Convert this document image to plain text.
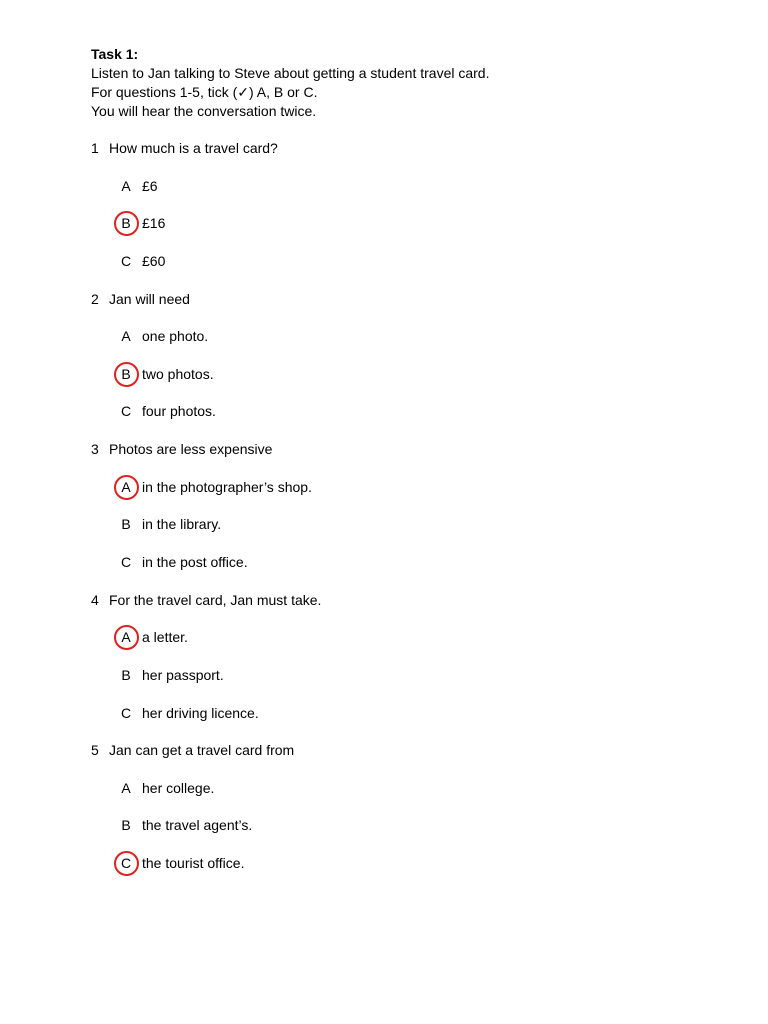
Task 1:
Listen to Jan talking to Steve about getting a student travel card.
For questions 1-5, tick (✓) A, B or C.
You will hear the conversation twice.
1 How much is a travel card?
A £6
B £16
C £60
2 Jan will need
A one photo.
B two photos.
C four photos.
3 Photos are less expensive
A in the photographer’s shop.
B in the library.
C in the post office.
4 For the travel card, Jan must take.
A a letter.
B her passport.
C her driving licence.
5 Jan can get a travel card from
A her college.
B the travel agent’s.
C the tourist office.
